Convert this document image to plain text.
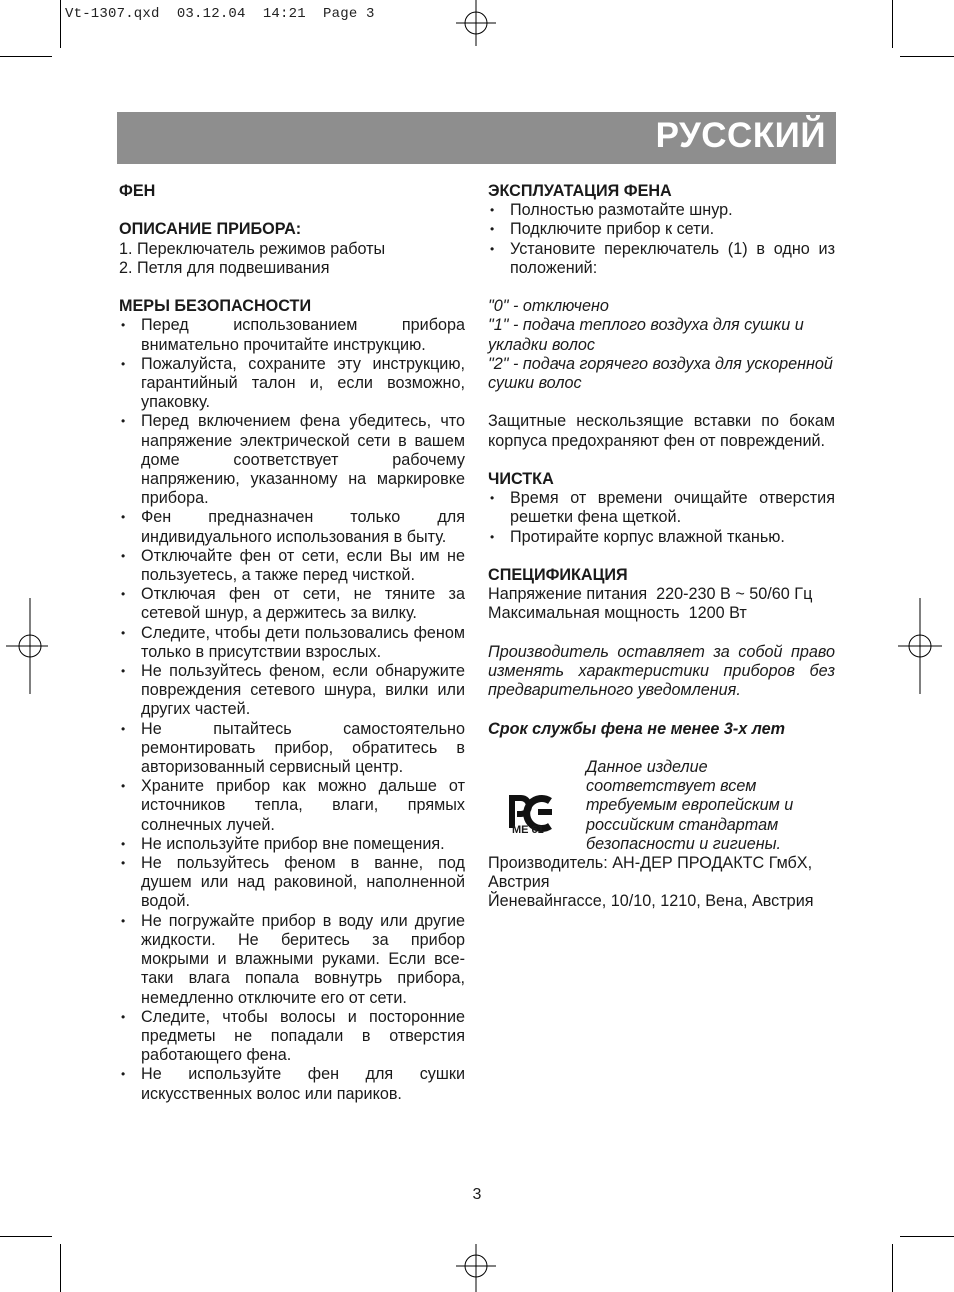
Vt-1307.qxd  03.12.04  14:21  Page 3
РУССКИЙ

ФЕН

ОПИСАНИЕ ПРИБОРА:

1. Переключатель режимов работы

2. Петля для подвешивания

МЕРЫ БЕЗОПАСНОСТИ

• Перед использованием прибора внимательно прочитайте инструкцию.
• Пожалуйста, сохраните эту инструкцию, гарантийный талон и, если возможно, упаковку.
• Перед включением фена убедитесь, что напряжение электрической сети в вашем доме соответствует рабочему напряжению, указанному на маркировке прибора.
• Фен предназначен только для индивидуального использования в быту.
• Отключайте фен от сети, если Вы им не пользуетесь, а также перед чисткой.
• Отключая фен от сети, не тяните за сетевой шнур, а держитесь за вилку.
• Следите, чтобы дети пользовались феном только в присутствии взрослых.
• Не пользуйтесь феном, если обнаружите повреждения сетевого шнура, вилки или других частей.
• Не пытайтесь самостоятельно ремонтировать прибор, обратитесь в авторизованный сервисный центр.
• Храните прибор как можно дальше от источников тепла, влаги, прямых солнечных лучей.
• Не используйте прибор вне помещения.
• Не пользуйтесь феном в ванне, под душем или над раковиной, наполненной водой.
• Не погружайте прибор в воду или другие жидкости. Не беритесь за прибор мокрыми и влажными руками. Если все-таки влага попала вовнутрь прибора, немедленно отключите его от сети.
• Следите, чтобы волосы и посторонние предметы не попадали в отверстия работающего фена.
• Не используйте фен для сушки искусственных волос или париков.

ЭКСПЛУАТАЦИЯ ФЕНА

• Полностью размотайте шнур.
• Подключите прибор к сети.
• Установите переключатель (1) в одно из положений:

"0" - отключено

"1" - подача теплого воздуха для сушки и укладки волос

"2" - подача горячего воздуха для ускоренной сушки волос

Защитные нескользящие вставки по бокам корпуса предохраняют фен от повреждений.

ЧИСТКА

• Время от времени очищайте отверстия решетки фена щеткой.
• Протирайте корпус влажной тканью.

СПЕЦИФИКАЦИЯ

Напряжение питания  220-230 В ~ 50/60 Гц

Максимальная мощность  1200 Вт

Производитель оставляет за собой право изменять характеристики приборов без предварительного уведомления.

Срок службы фена не менее 3-х лет

ME 61

Данное изделие соответствует всем требуемым европейским и российским стандартам безопасности и гигиены.

Производитель: АН-ДЕР ПРОДАКТС ГмбХ, Австрия

Йеневайнгассе, 10/10, 1210, Вена, Австрия

3
